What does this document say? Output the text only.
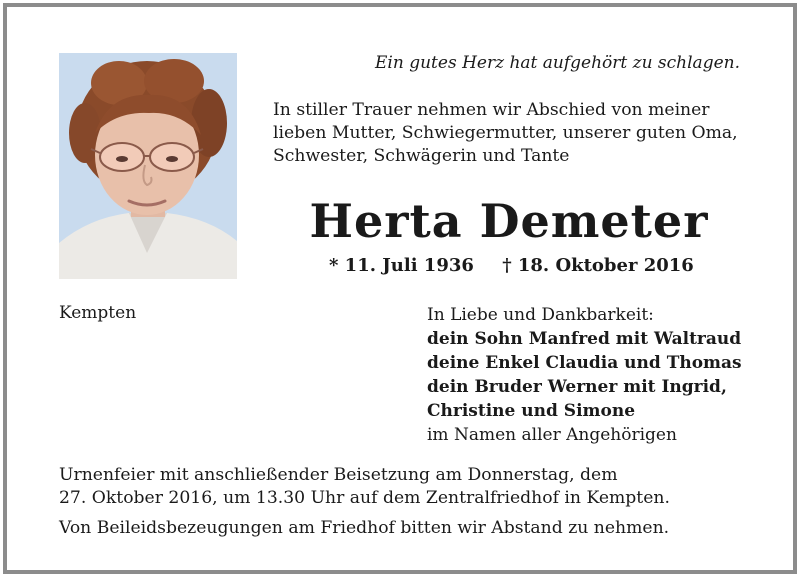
Ein gutes Herz hat aufgehört zu schlagen.
In stiller Trauer nehmen wir Abschied von meiner
lieben Mutter, Schwiegermutter, unserer guten Oma,
Schwester, Schwägerin und Tante
Herta Demeter
* 11. Juli 1936 † 18. Oktober 2016
Kempten	In Liebe und Dankbarkeit:
dein Sohn Manfred mit Waltraud
deine Enkel Claudia und Thomas
dein Bruder Werner mit Ingrid,
Christine und Simone
im Namen aller Angehörigen
Urnenfeier mit anschließender Beisetzung am Donnerstag, dem
27. Oktober 2016, um 13.30 Uhr auf dem Zentralfriedhof in Kempten.
Von Beileidsbezeugungen am Friedhof bitten wir Abstand zu nehmen.
